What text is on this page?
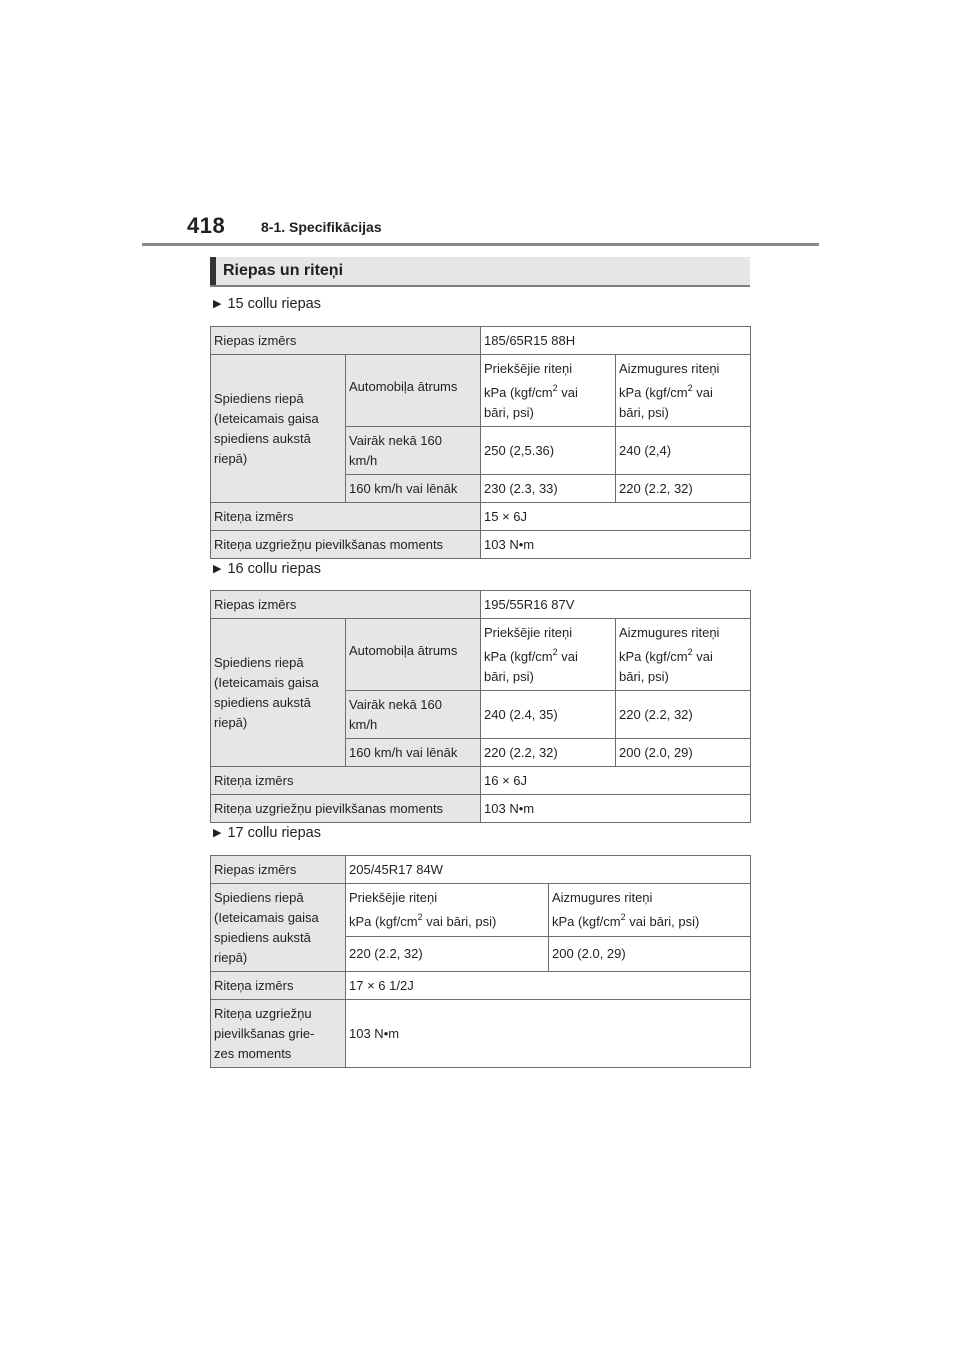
418	8-1. Specifikācijas
Riepas un riteņi
▶ 15 collu riepas
Riepas izmērs		185/65R15 88H	

Spiediens riepā
(Ieteicamais gaisa
spiediens aukstā
riepā)	Automobiļa ātrums	Priekšējie riteņi
kPa ($kgf/cm^2$ vai
bāri, psi)	Aizmugures riteņi
kPa ($kgf/cm^2$ vai
bāri, psi)

	Vairāk nekā 160
km/h	250 (2,5.36)	240 (2,4)
	160 km/h vai lēnāk	230 (2.3, 33)	220 (2.2, 32)
Riteņa izmērs		15 × 6J	
Riteņa uzgriežņu pievilkšanas moments		103 N•m	
▶ 16 collu riepas
Riepas izmērs		195/55R16 87V	

Spiediens riepā
(Ieteicamais gaisa
spiediens aukstā
riepā)	Automobiļa ātrums	Priekšējie riteņi
kPa ($kgf/cm^2$ vai
bāri, psi)	Aizmugures riteņi
kPa ($kgf/cm^2$ vai
bāri, psi)

	Vairāk nekā 160
km/h	240 (2.4, 35)	220 (2.2, 32)
	160 km/h vai lēnāk	220 (2.2, 32)	200 (2.0, 29)
Riteņa izmērs		16 × 6J	
Riteņa uzgriežņu pievilkšanas moments		103 N•m	
▶ 17 collu riepas
Riepas izmērs	205/45R17 84W	

Spiediens riepā
(Ieteicamais gaisa
spiediens aukstā
riepā)	Priekšējie riteņi
kPa ($kgf/cm^2$ vai bāri, psi)	Aizmugures riteņi
kPa ($kgf/cm^2$ vai bāri, psi)

	220 (2.2, 32)	200 (2.0, 29)
Riteņa izmērs	17 × 6 1/2J	

Riteņa uzgriežņu
pievilkšanas grie-
zes moments	103 N•m	
